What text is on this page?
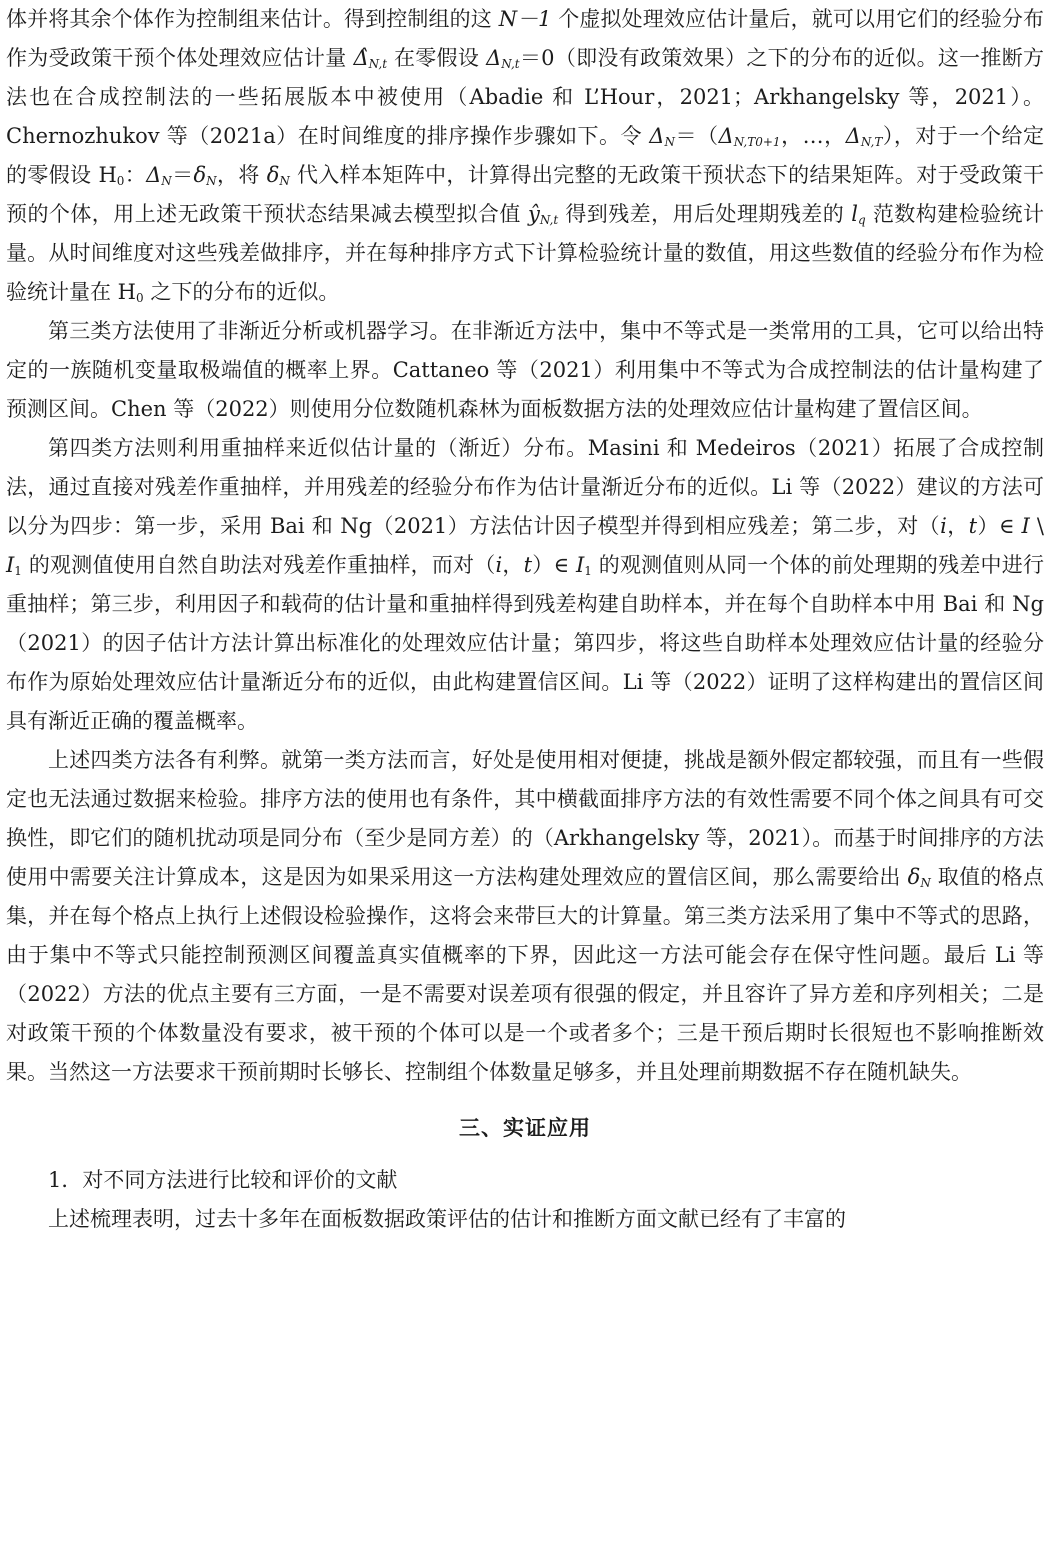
体并将其余个体作为控制组来估计。得到控制组的这 N－1 个虚拟处理效应估计量后，就可以用它们的经验分布作为受政策干预个体处理效应估计量 $\Deltâ_{N,t}$ 在零假设 $\Delta_{N,t}=0$（即没有政策效果）之下的分布的近似。这一推断方法也在合成控制法的一些拓展版本中被使用（Abadie 和 L’Hour，2021；Arkhangelsky 等，2021）。Chernozhukov 等（2021a）在时间维度的排序操作步骤如下。令 $\Delta_N=(\Delta_{N,T0+1}$，…，$\Delta_{N,T}$），对于一个给定的零假设 $H_0$：$\Delta_N=\delta_N$，将 $\delta_N$ 代入样本矩阵中，计算得出完整的无政策干预状态下的结果矩阵。对于受政策干预的个体，用上述无政策干预状态结果减去模型拟合值 $ŷ_{N,t}$ 得到残差，用后处理期残差的 $l_q$ 范数构建检验统计量。从时间维度对这些残差做排序，并在每种排序方式下计算检验统计量的数值，用这些数值的经验分布作为检验统计量在 $H_0$ 之下的分布的近似。

第三类方法使用了非渐近分析或机器学习。在非渐近方法中，集中不等式是一类常用的工具，它可以给出特定的一族随机变量取极端值的概率上界。Cattaneo 等（2021）利用集中不等式为合成控制法的估计量构建了预测区间。Chen 等（2022）则使用分位数随机森林为面板数据方法的处理效应估计量构建了置信区间。

第四类方法则利用重抽样来近似估计量的（渐近）分布。Masini 和 Medeiros（2021）拓展了合成控制法，通过直接对残差作重抽样，并用残差的经验分布作为估计量渐近分布的近似。Li 等（2022）建议的方法可以分为四步：第一步，采用 Bai 和 Ng（2021）方法估计因子模型并得到相应残差；第二步，对（i，t）∈ I \ $I_1$ 的观测值使用自然自助法对残差作重抽样，而对（i，t）∈ $I_1$ 的观测值则从同一个体的前处理期的残差中进行重抽样；第三步，利用因子和载荷的估计量和重抽样得到残差构建自助样本，并在每个自助样本中用 Bai 和 Ng（2021）的因子估计方法计算出标准化的处理效应估计量；第四步，将这些自助样本处理效应估计量的经验分布作为原始处理效应估计量渐近分布的近似，由此构建置信区间。Li 等（2022）证明了这样构建出的置信区间具有渐近正确的覆盖概率。

上述四类方法各有利弊。就第一类方法而言，好处是使用相对便捷，挑战是额外假定都较强，而且有一些假定也无法通过数据来检验。排序方法的使用也有条件，其中横截面排序方法的有效性需要不同个体之间具有可交换性，即它们的随机扰动项是同分布（至少是同方差）的（Arkhangelsky 等，2021）。而基于时间排序的方法使用中需要关注计算成本，这是因为如果采用这一方法构建处理效应的置信区间，那么需要给出 $\delta_N$ 取值的格点集，并在每个格点上执行上述假设检验操作，这将会来带巨大的计算量。第三类方法采用了集中不等式的思路，由于集中不等式只能控制预测区间覆盖真实值概率的下界，因此这一方法可能会存在保守性问题。最后 Li 等（2022）方法的优点主要有三方面，一是不需要对误差项有很强的假定，并且容许了异方差和序列相关；二是对政策干预的个体数量没有要求，被干预的个体可以是一个或者多个；三是干预后期时长很短也不影响推断效果。当然这一方法要求干预前期时长够长、控制组个体数量足够多，并且处理前期数据不存在随机缺失。

三、实证应用

1．对不同方法进行比较和评价的文献

上述梳理表明，过去十多年在面板数据政策评估的估计和推断方面文献已经有了丰富的
